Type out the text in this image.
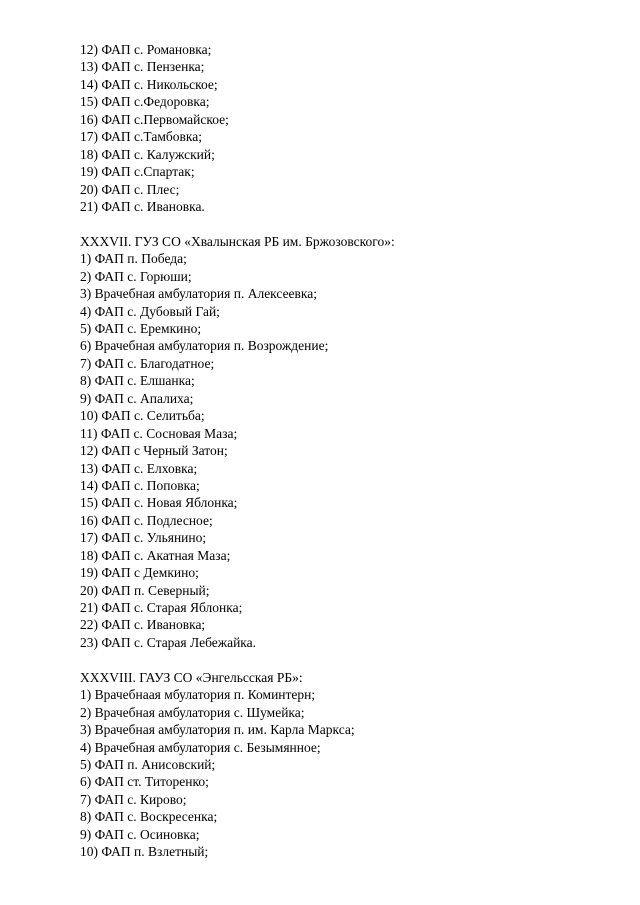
12) ФАП с. Романовка;
13) ФАП с. Пензенка;
14) ФАП с. Никольское;
15) ФАП с.Федоровка;
16) ФАП с.Первомайское;
17) ФАП с.Тамбовка;
18) ФАП с. Калужский;
19) ФАП с.Спартак;
20) ФАП с. Плес;
21) ФАП с. Ивановка.
XXXVII. ГУЗ СО «Хвалынская РБ им. Бржозовского»:
1) ФАП п. Победа;
2) ФАП с. Горюши;
3) Врачебная амбулатория п. Алексеевка;
4) ФАП с. Дубовый Гай;
5) ФАП с. Еремкино;
6) Врачебная амбулатория п. Возрождение;
7) ФАП с. Благодатное;
8) ФАП с. Елшанка;
9) ФАП с. Апалиха;
10) ФАП с. Селитьба;
11) ФАП с. Сосновая Маза;
12) ФАП с Черный Затон;
13) ФАП с. Елховка;
14) ФАП с. Поповка;
15) ФАП с. Новая Яблонка;
16) ФАП с. Подлесное;
17) ФАП с. Ульянино;
18) ФАП с. Акатная Маза;
19) ФАП с Демкино;
20) ФАП п. Северный;
21) ФАП с. Старая Яблонка;
22) ФАП с. Ивановка;
23) ФАП с. Старая Лебежайка.
XXXVIII. ГАУЗ СО «Энгельсская РБ»:
1) Врачебнаая мбулатория п. Коминтерн;
2) Врачебная амбулатория с. Шумейка;
3) Врачебная амбулатория п. им. Карла Маркса;
4) Врачебная амбулатория с. Безымянное;
5) ФАП п. Анисовский;
6) ФАП ст. Титоренко;
7) ФАП с. Кирово;
8) ФАП с. Воскресенка;
9) ФАП с. Осиновка;
10) ФАП п. Взлетный;
